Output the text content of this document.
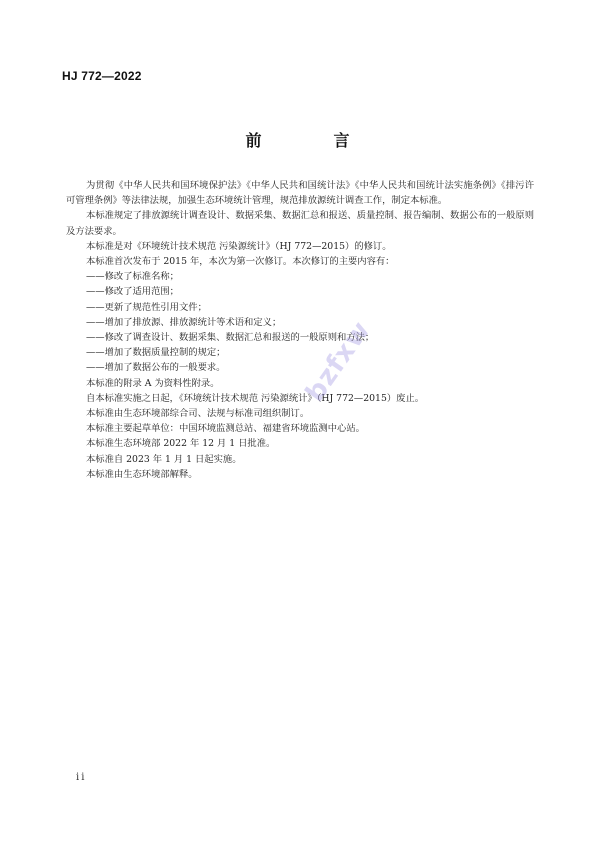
HJ 772—2022
前　言

为贯彻《中华人民共和国环境保护法》《中华人民共和国统计法》《中华人民共和国统计法实施条例》《排污许可管理条例》等法律法规，加强生态环境统计管理，规范排放源统计调查工作，制定本标准。

本标准规定了排放源统计调查设计、数据采集、数据汇总和报送、质量控制、报告编制、数据公布的一般原则及方法要求。

本标准是对《环境统计技术规范 污染源统计》（HJ 772—2015）的修订。

本标准首次发布于 2015 年，本次为第一次修订。本次修订的主要内容有：

——修改了标准名称；

——修改了适用范围；

——更新了规范性引用文件；

——增加了排放源、排放源统计等术语和定义；

——修改了调查设计、数据采集、数据汇总和报送的一般原则和方法；

——增加了数据质量控制的规定；

——增加了数据公布的一般要求。

本标准的附录 A 为资料性附录。

自本标准实施之日起，《环境统计技术规范 污染源统计》（HJ 772—2015）废止。

本标准由生态环境部综合司、法规与标准司组织制订。

本标准主要起草单位：中国环境监测总站、福建省环境监测中心站。

本标准生态环境部 2022 年 12 月 1 日批准。

本标准自 2023 年 1 月 1 日起实施。

本标准由生态环境部解释。

bzfxw
ii
